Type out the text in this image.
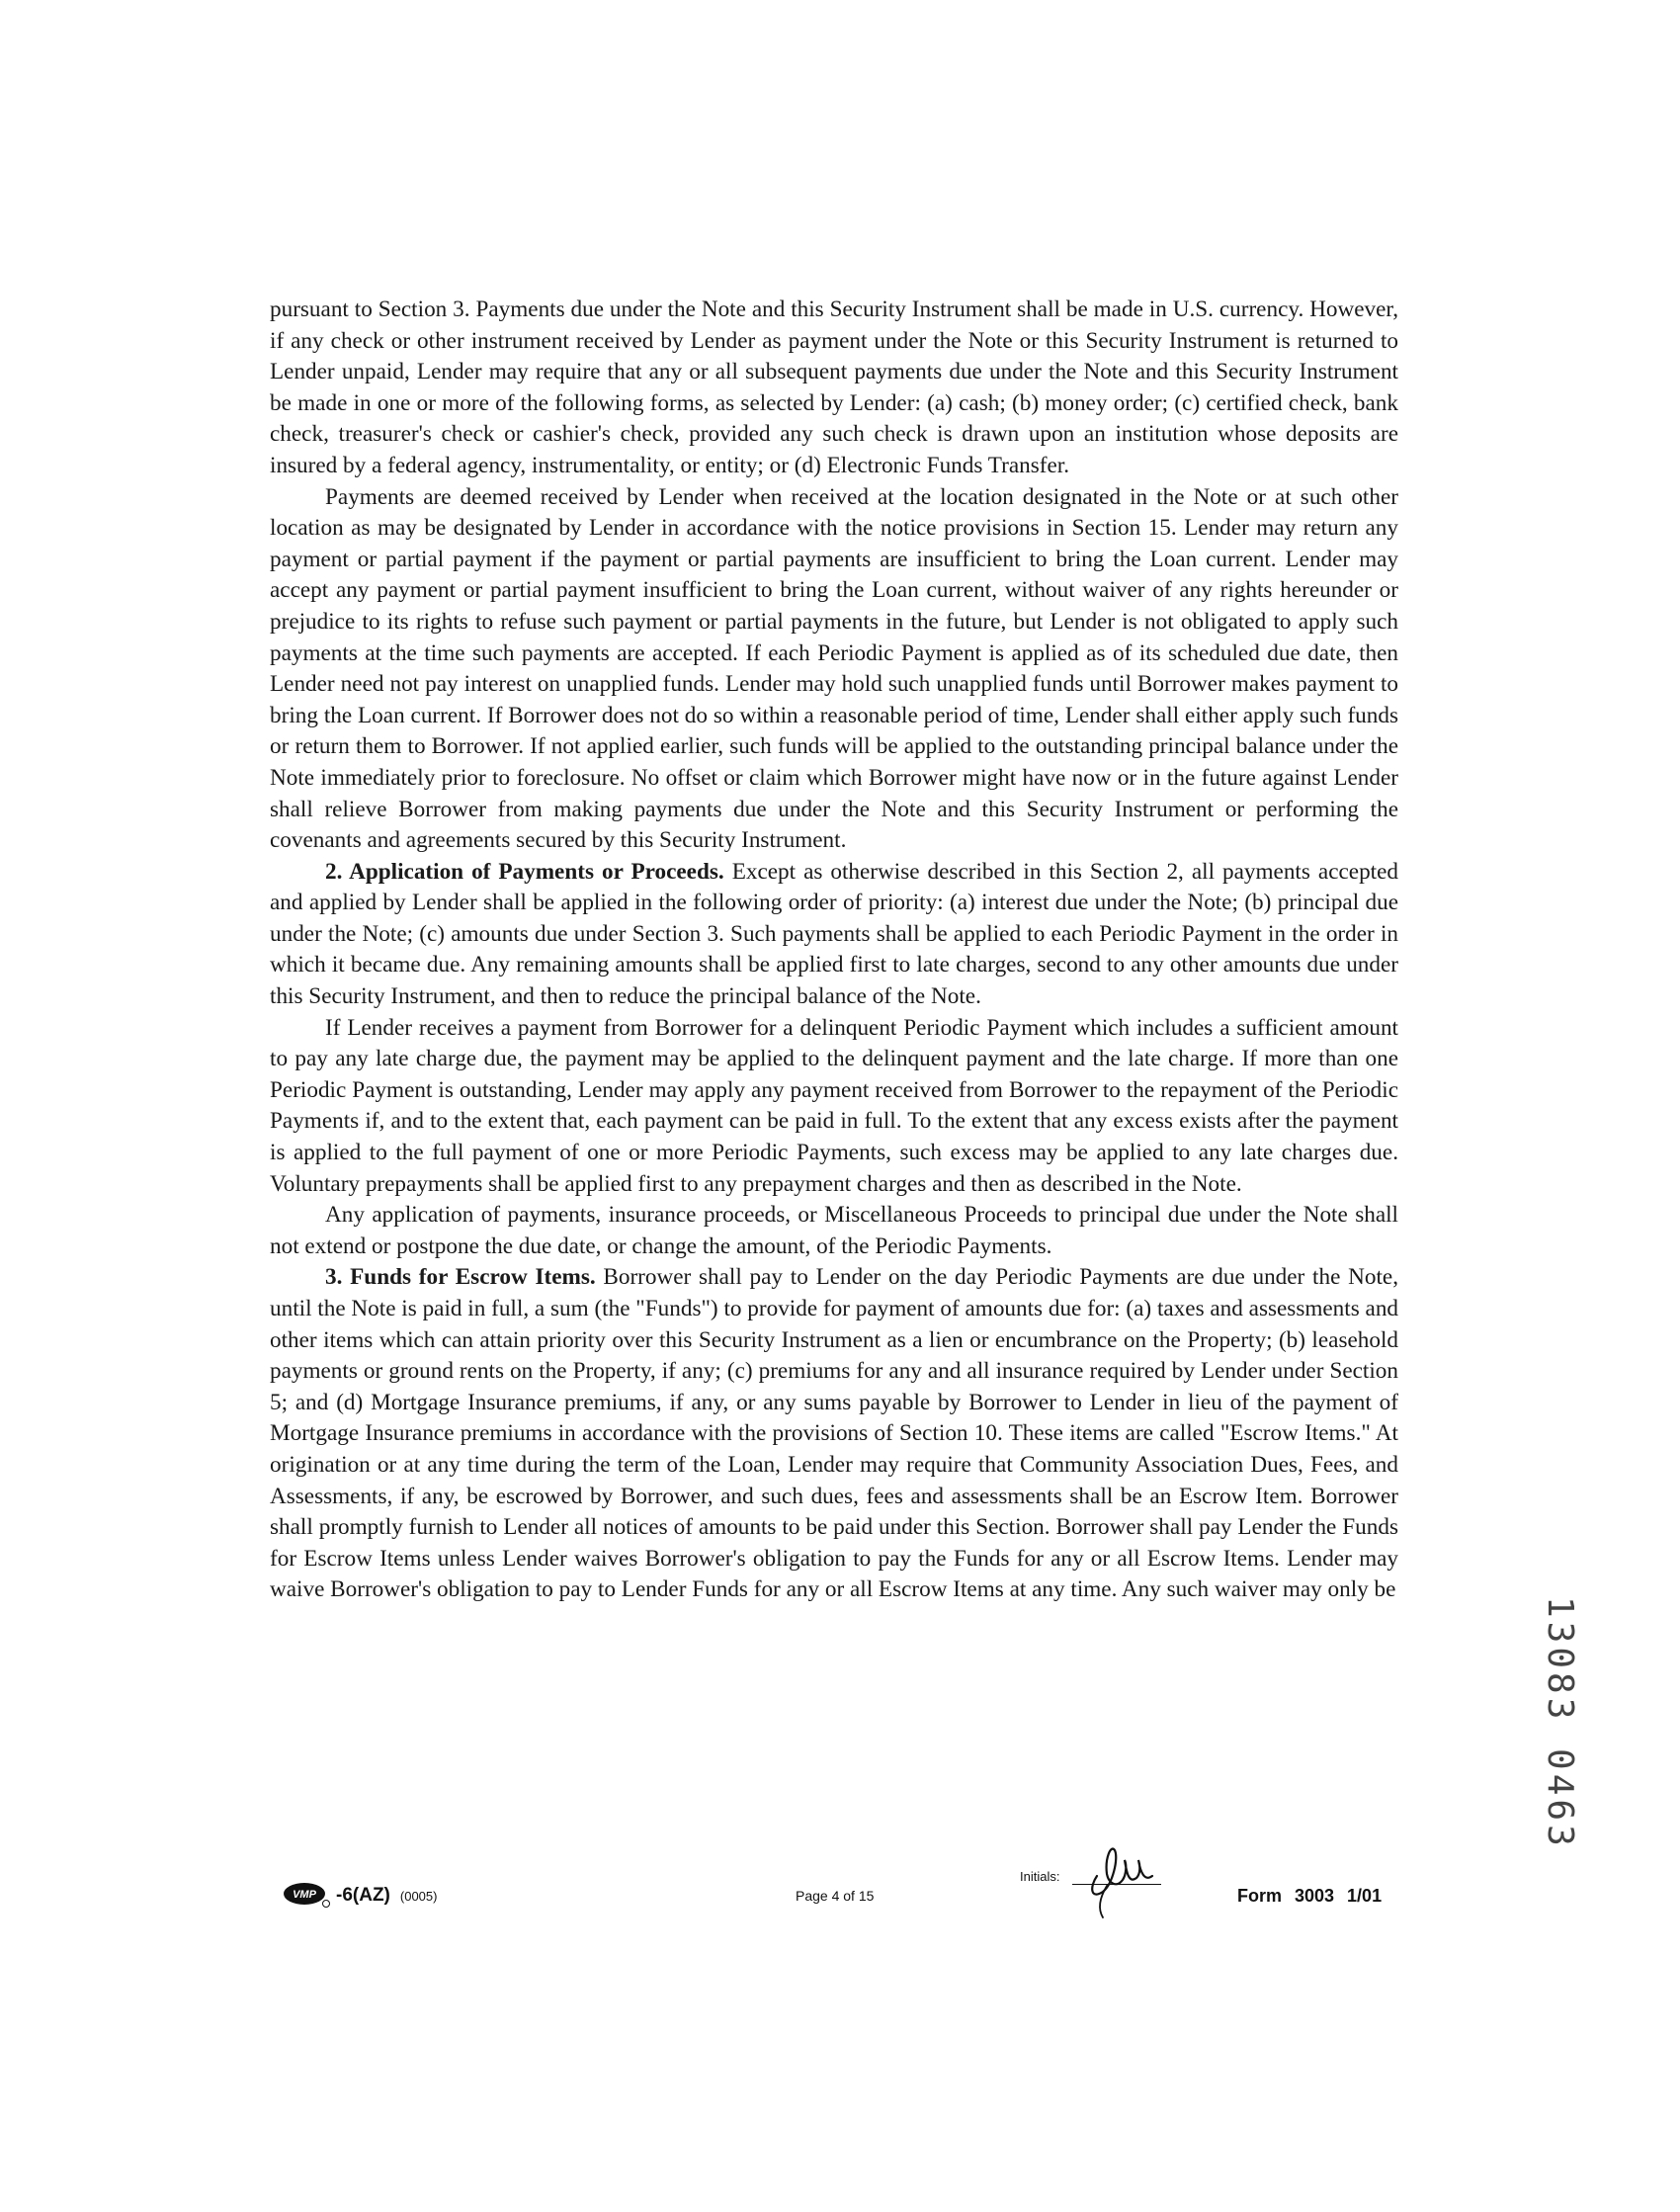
pursuant to Section 3. Payments due under the Note and this Security Instrument shall be made in U.S. currency. However, if any check or other instrument received by Lender as payment under the Note or this Security Instrument is returned to Lender unpaid, Lender may require that any or all subsequent payments due under the Note and this Security Instrument be made in one or more of the following forms, as selected by Lender: (a) cash; (b) money order; (c) certified check, bank check, treasurer's check or cashier's check, provided any such check is drawn upon an institution whose deposits are insured by a federal agency, instrumentality, or entity; or (d) Electronic Funds Transfer.

Payments are deemed received by Lender when received at the location designated in the Note or at such other location as may be designated by Lender in accordance with the notice provisions in Section 15. Lender may return any payment or partial payment if the payment or partial payments are insufficient to bring the Loan current. Lender may accept any payment or partial payment insufficient to bring the Loan current, without waiver of any rights hereunder or prejudice to its rights to refuse such payment or partial payments in the future, but Lender is not obligated to apply such payments at the time such payments are accepted. If each Periodic Payment is applied as of its scheduled due date, then Lender need not pay interest on unapplied funds. Lender may hold such unapplied funds until Borrower makes payment to bring the Loan current. If Borrower does not do so within a reasonable period of time, Lender shall either apply such funds or return them to Borrower. If not applied earlier, such funds will be applied to the outstanding principal balance under the Note immediately prior to foreclosure. No offset or claim which Borrower might have now or in the future against Lender shall relieve Borrower from making payments due under the Note and this Security Instrument or performing the covenants and agreements secured by this Security Instrument.

2. Application of Payments or Proceeds. Except as otherwise described in this Section 2, all payments accepted and applied by Lender shall be applied in the following order of priority: (a) interest due under the Note; (b) principal due under the Note; (c) amounts due under Section 3. Such payments shall be applied to each Periodic Payment in the order in which it became due. Any remaining amounts shall be applied first to late charges, second to any other amounts due under this Security Instrument, and then to reduce the principal balance of the Note.

If Lender receives a payment from Borrower for a delinquent Periodic Payment which includes a sufficient amount to pay any late charge due, the payment may be applied to the delinquent payment and the late charge. If more than one Periodic Payment is outstanding, Lender may apply any payment received from Borrower to the repayment of the Periodic Payments if, and to the extent that, each payment can be paid in full. To the extent that any excess exists after the payment is applied to the full payment of one or more Periodic Payments, such excess may be applied to any late charges due. Voluntary prepayments shall be applied first to any prepayment charges and then as described in the Note.

Any application of payments, insurance proceeds, or Miscellaneous Proceeds to principal due under the Note shall not extend or postpone the due date, or change the amount, of the Periodic Payments.

3. Funds for Escrow Items. Borrower shall pay to Lender on the day Periodic Payments are due under the Note, until the Note is paid in full, a sum (the "Funds") to provide for payment of amounts due for: (a) taxes and assessments and other items which can attain priority over this Security Instrument as a lien or encumbrance on the Property; (b) leasehold payments or ground rents on the Property, if any; (c) premiums for any and all insurance required by Lender under Section 5; and (d) Mortgage Insurance premiums, if any, or any sums payable by Borrower to Lender in lieu of the payment of Mortgage Insurance premiums in accordance with the provisions of Section 10. These items are called "Escrow Items." At origination or at any time during the term of the Loan, Lender may require that Community Association Dues, Fees, and Assessments, if any, be escrowed by Borrower, and such dues, fees and assessments shall be an Escrow Item. Borrower shall promptly furnish to Lender all notices of amounts to be paid under this Section. Borrower shall pay Lender the Funds for Escrow Items unless Lender waives Borrower's obligation to pay the Funds for any or all Escrow Items. Lender may waive Borrower's obligation to pay to Lender Funds for any or all Escrow Items at any time. Any such waiver may only be

VMP -6(AZ) (0005)	Page 4 of 15
Initials:
Form 3003 1/01
13083 0463
